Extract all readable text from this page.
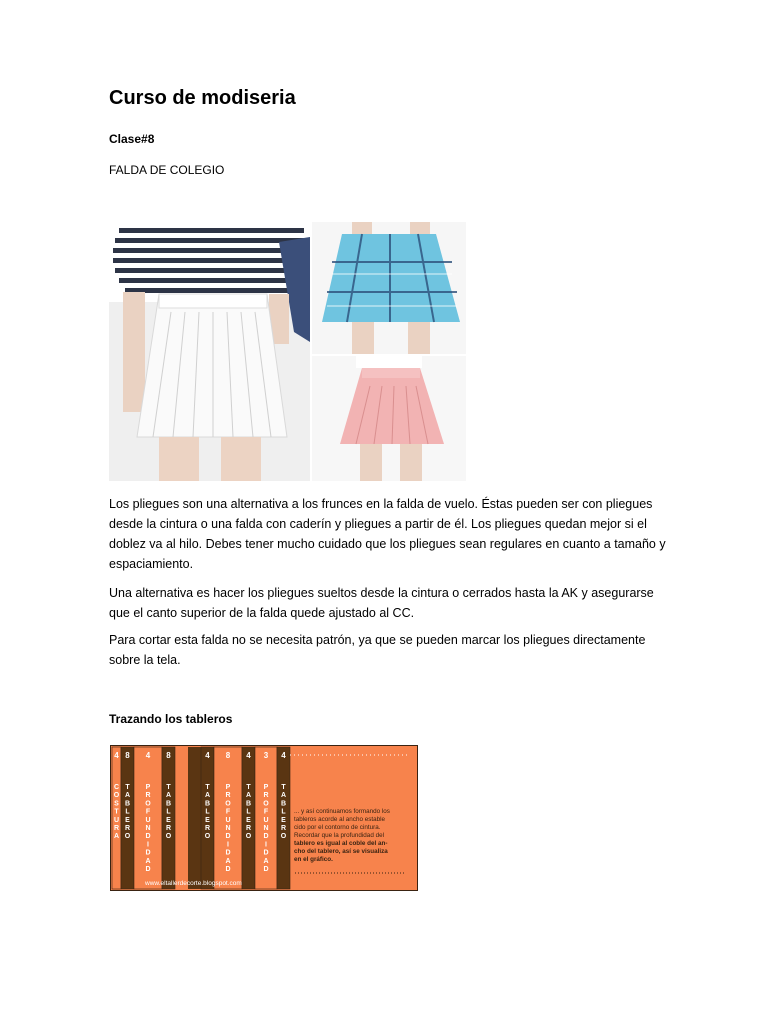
Curso de modiseria

Clase#8

FALDA DE COLEGIO

Los pliegues son una alternativa a los frunces en la falda de vuelo. Éstas pueden ser con pliegues desde la cintura o una falda con caderín y pliegues a partir de él. Los pliegues quedan mejor si el doblez va al hilo. Debes tener mucho cuidado que los pliegues sean regulares en cuanto a tamaño y espaciamiento.

Una alternativa es hacer los pliegues sueltos desde la cintura o cerrados hasta la AK y asegurarse que el canto superior de la falda quede ajustado al CC.

Para cortar esta falda no se necesita patrón, ya que se pueden marcar los pliegues directamente sobre la tela.

Trazando los tableros

4
C
O
S
T
U
R
A
8
T
A
B
L
E
R
O
4
P
R
O
F
U
N
D
I
D
A
D
8
T
A
B
L
E
R
O
4
T
A
B
L
E
R
O
8
P
R
O
F
U
N
D
I
D
A
D
4
T
A
B
L
E
R
O
3
P
R
O
F
U
N
D
I
D
A
D
4
T
A
B
L
E
R
O
... y así continuamos formando los tableros acorde al ancho estable cido por el contorno de cintura. Recordar que la profundidad del tablero es igual al coble del an-cho del tablero, así se visualiza en el gráfico.
www.eltallerdecorte.blogspot.com
